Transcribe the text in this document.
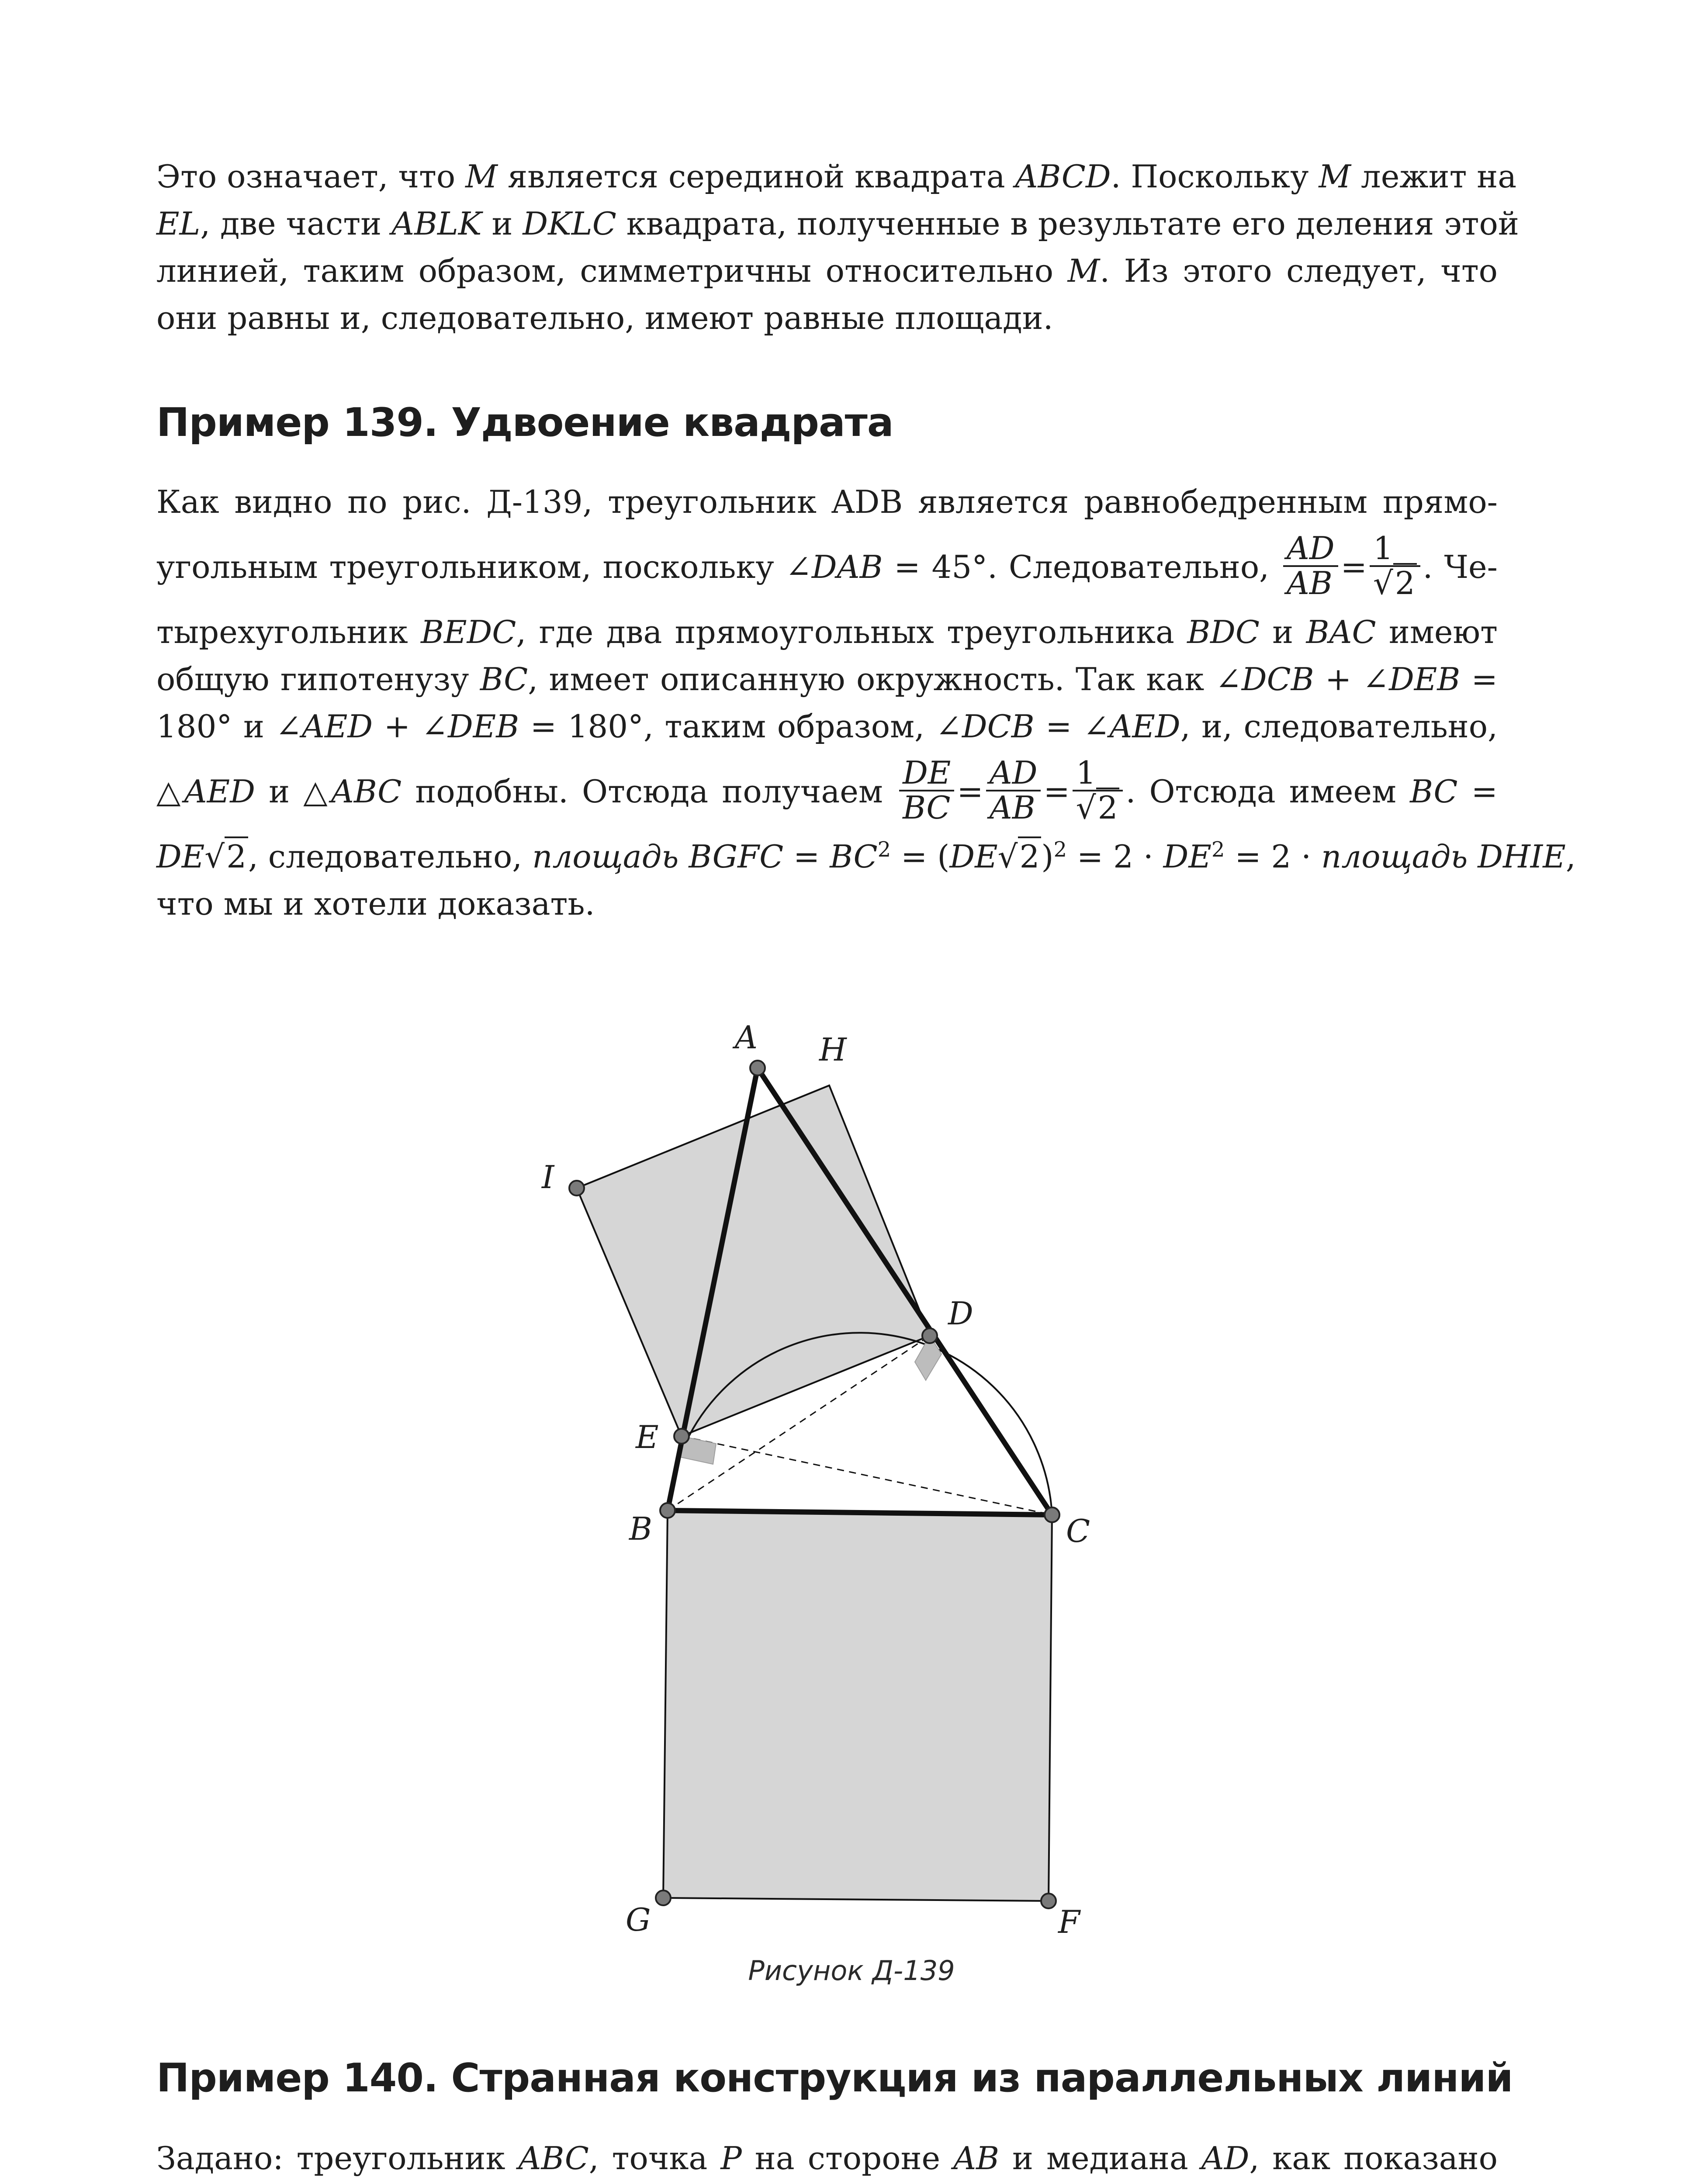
Это означает, что M является серединой квадрата ABCD. Поскольку M лежит на
EL, две части ABLK и DKLC квадрата, полученные в результате его деления этой
линией, таким образом, симметричны относительно M. Из этого следует, что
они равны и, следовательно, имеют равные площади.
Пример 139. Удвоение квадрата
Как видно по рис. Д-139, треугольник ADB является равнобедренным прямо-
угольным треугольником, поскольку ∠DAB = 45°. Следовательно, $\frac{AD}{AB} = \frac{1}{√2}$ . Че-
тырехугольник BEDC, где два прямоугольных треугольника BDC и BAC имеют
общую гипотенузу BC, имеет описанную окружность. Так как ∠DCB + ∠DEB =
180° и ∠AED + ∠DEB = 180°, таким образом, ∠DCB = ∠AED, и, следовательно,
△AED и △ABC подобны. Отсюда получаем $\frac{DE}{BC} = \frac{AD}{AB} = \frac{1}{√2}$ . Отсюда имеем BC =
DE√2, следовательно, площадь BGFC = $BC^2 = (DE√2)^2 = 2 \cdot DE^2 = 2$ · площадь DHIE,
что мы и хотели доказать.
A H
I
D
E
B	C
G	F
Рисунок Д-139
Пример 140. Странная конструкция из параллельных линий
Задано: треугольник ABC, точка P на стороне AB и медиана AD, как показано
